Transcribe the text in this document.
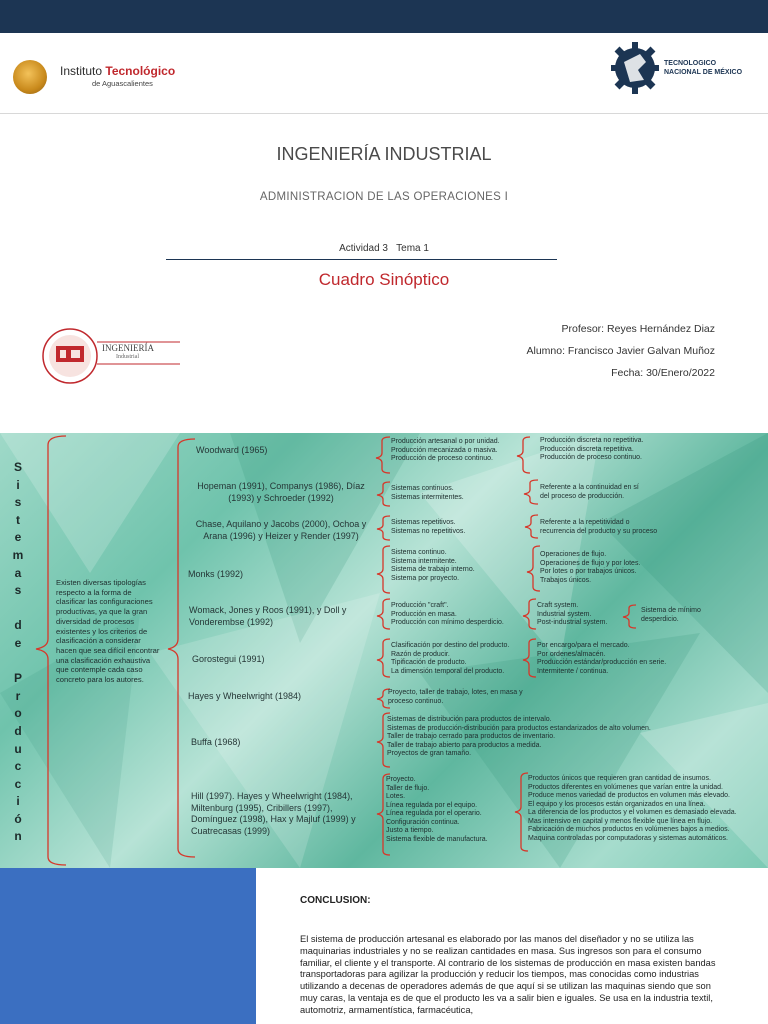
Instituto Tecnológico
de Aguascalientes
TECNOLOGICO
NACIONAL DE MÉXICO
INGENIERÍA INDUSTRIAL
ADMINISTRACION DE LAS OPERACIONES I
Actividad 3   Tema 1
Cuadro Sinóptico
INGENIERÍA
Industrial
Profesor: Reyes Hernández Diaz
Alumno: Francisco Javier Galvan Muñoz
Fecha: 30/Enero/2022
S
i
s
t
e
m
a
s
d
e
P
r
o
d
u
c
c
i
ó
n
Existen diversas tipologías respecto a la forma de clasificar las configuraciones productivas, ya que la gran diversidad de procesos existentes y los criterios de clasificación a considerar hacen que sea difícil encontrar una clasificación exhaustiva que contemple cada caso concreto para los autores.
Woodward (1965)
Hopeman (1991), Companys (1986), Díaz (1993) y Schroeder (1992)
Chase, Aquilano y Jacobs (2000), Ochoa y Arana (1996) y Heizer y Render (1997)
Monks (1992)
Womack, Jones y Roos (1991), y Doll y Vonderembse (1992)
Gorostegui (1991)
Hayes y Wheelwright (1984)
Buffa (1968)
Hill (1997). Hayes y Wheelwright (1984), Miltenburg (1995), Cribillers (1997), Domínguez (1998), Hax y Majluf (1999) y Cuatrecasas (1999)
Producción artesanal o por unidad.
Producción mecanizada o masiva.
Producción de proceso continuo.
Sistemas continuos.
Sistemas intermitentes.
Sistemas repetitivos.
Sistemas no repetitivos.
Sistema continuo.
Sistema intermitente.
Sistema de trabajo interno.
Sistema por proyecto.
Producción "craft".
Producción en masa.
Producción con mínimo desperdicio.
Clasificación por destino del producto.
Razón de producir.
Tipificación de producto.
La dimensión temporal del producto.
Proyecto, taller de trabajo, lotes, en masa y
proceso continuo.
Sistemas de distribución para productos de intervalo.
Sistemas de producción-distribución para productos estandarizados de alto volumen.
Taller de trabajo cerrado para productos de inventario.
Taller de trabajo abierto para productos a medida.
Proyectos de gran tamaño.
Proyecto.
Taller de flujo.
Lotes.
Línea regulada por el equipo.
Línea regulada por el operario.
Configuración continua.
Justo a tiempo.
Sistema flexible de manufactura.
Producción discreta no repetitiva.
Producción discreta repetitiva.
Producción de proceso continuo.
Referente a la continuidad en sí
del proceso de producción.
Referente a la repetitividad o
recurrencia del producto y su proceso
Operaciones de flujo.
Operaciones de flujo y por lotes.
Por lotes o por trabajos únicos.
Trabajos únicos.
Craft system.
Industrial system.
Post-industrial system.
Por encargo/para el mercado.
Por ordenes/almacén.
Producción estándar/producción en serie.
Intermitente / continua.
Productos únicos que requieren gran cantidad de insumos.
Productos diferentes en volúmenes que varían entre la unidad.
Produce menos variedad de productos en volumen más elevado.
El equipo y los procesos están organizados en una línea.
La diferencia de los productos y el volumen es demasiado elevada.
Mas intensivo en capital y menos flexible que línea en flujo.
Fabricación de muchos productos en volúmenes bajos a medios.
Maquina controladas por computadoras y sistemas automáticos.
Sistema de mínimo
desperdicio.
CONCLUSION:
El sistema de producción artesanal es elaborado por las manos del diseñador y no se utiliza las maquinarias industriales y no se realizan cantidades en masa. Sus ingresos son para el consumo familiar, el cliente y el transporte. Al contrario de los sistemas de producción en masa existen bandas transportadoras para agilizar la producción y reducir los tiempos, mas conocidas como industrias utilizando a decenas de operadores además de que aquí si se utilizan las maquinas siendo que son muy caras, la ventaja es de que el producto les va a salir bien e iguales. Se usa en la industria textil, automotriz, armamentística, farmacéutica,
